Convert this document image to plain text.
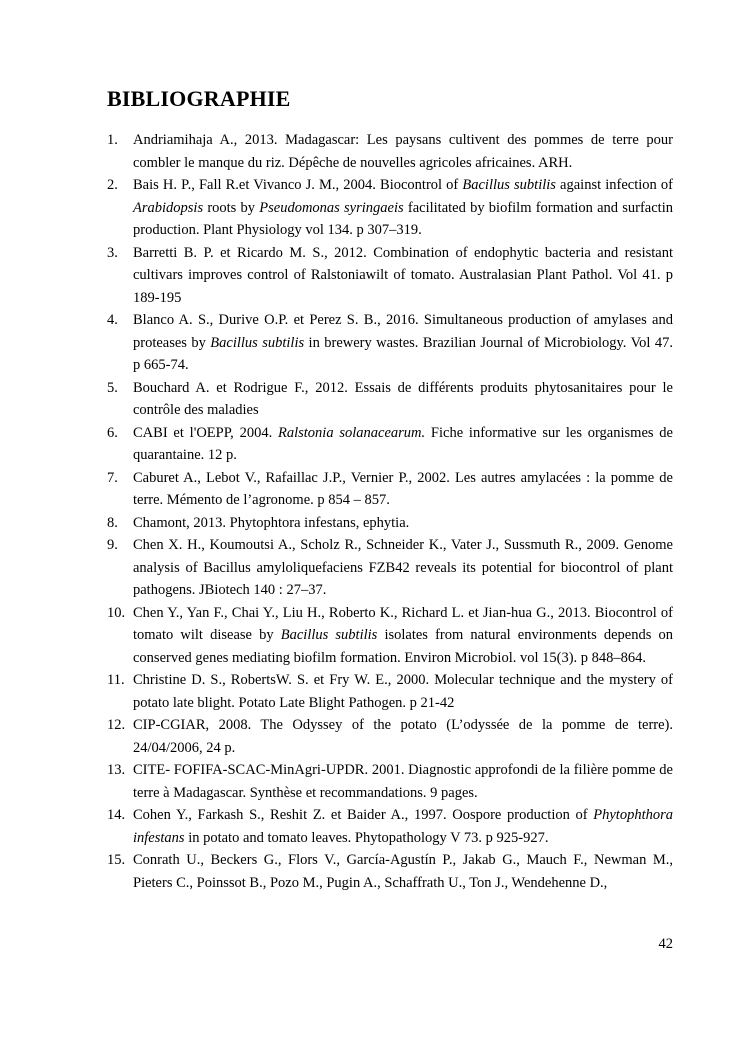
BIBLIOGRAPHIE
1. Andriamihaja A., 2013. Madagascar: Les paysans cultivent des pommes de terre pour combler le manque du riz. Dépêche de nouvelles agricoles africaines. ARH.
2. Bais H. P., Fall R.et Vivanco J. M., 2004. Biocontrol of Bacillus subtilis against infection of Arabidopsis roots by Pseudomonas syringaeis facilitated by biofilm formation and surfactin production. Plant Physiology vol 134. p 307–319.
3. Barretti B. P. et Ricardo M. S., 2012. Combination of endophytic bacteria and resistant cultivars improves control of Ralstoniawilt of tomato. Australasian Plant Pathol. Vol 41. p 189-195
4. Blanco A. S., Durive O.P. et Perez S. B., 2016. Simultaneous production of amylases and proteases by Bacillus subtilis in brewery wastes. Brazilian Journal of Microbiology. Vol 47. p 665-74.
5. Bouchard A. et Rodrigue F., 2012. Essais de différents produits phytosanitaires pour le contrôle des maladies
6. CABI et l'OEPP, 2004. Ralstonia solanacearum. Fiche informative sur les organismes de quarantaine. 12 p.
7. Caburet A., Lebot V., Rafaillac J.P., Vernier P., 2002. Les autres amylacées : la pomme de terre. Mémento de l’agronome. p 854 – 857.
8. Chamont, 2013. Phytophtora infestans, ephytia.
9. Chen X. H., Koumoutsi A., Scholz R., Schneider K., Vater J., Sussmuth R., 2009. Genome analysis of Bacillus amyloliquefaciens FZB42 reveals its potential for biocontrol of plant pathogens. JBiotech 140 : 27–37.
10. Chen Y., Yan F., Chai Y., Liu H., Roberto K., Richard L. et Jian-hua G., 2013. Biocontrol of tomato wilt disease by Bacillus subtilis isolates from natural environments depends on conserved genes mediating biofilm formation. Environ Microbiol. vol 15(3). p 848–864.
11. Christine D. S., RobertsW. S. et Fry W. E., 2000. Molecular technique and the mystery of potato late blight. Potato Late Blight Pathogen. p 21-42
12. CIP-CGIAR, 2008. The Odyssey of the potato (L’odyssée de la pomme de terre). 24/04/2006, 24 p.
13. CITE- FOFIFA-SCAC-MinAgri-UPDR. 2001. Diagnostic approfondi de la filière pomme de terre à Madagascar. Synthèse et recommandations. 9 pages.
14. Cohen Y., Farkash S., Reshit Z. et Baider A., 1997. Oospore production of Phytophthora infestans in potato and tomato leaves. Phytopathology V 73. p 925-927.
15. Conrath U., Beckers G., Flors V., García-Agustín P., Jakab G., Mauch F., Newman M., Pieters C., Poinssot B., Pozo M., Pugin A., Schaffrath U., Ton J., Wendehenne D.,
42
